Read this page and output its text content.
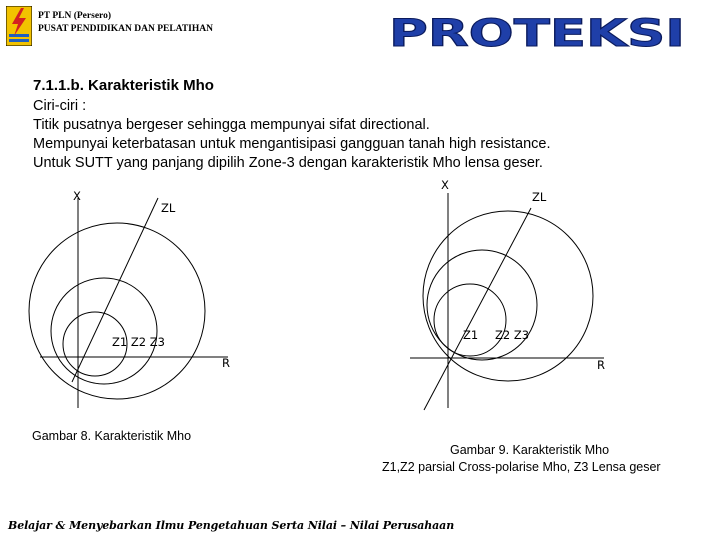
PT PLN (Persero)
PUSAT PENDIDIKAN DAN PELATIHAN	PROTEKSI
7.1.1.b. Karakteristik Mho

Ciri-ciri :

Titik pusatnya bergeser sehingga mempunyai sifat directional.

Mempunyai keterbatasan untuk mengantisipasi gangguan tanah high resistance.

Untuk SUTT yang panjang dipilih Zone-3 dengan karakteristik Mho lensa geser.

X
ZL
Z1 Z2 Z3
R
X
ZL
Z1 Z2 Z3
R
Gambar 8. Karakteristik Mho
Gambar 9. Karakteristik Mho
Z1,Z2 parsial Cross-polarise Mho, Z3 Lensa geser
Belajar & Menyebarkan Ilmu Pengetahuan Serta Nilai – Nilai Perusahaan
